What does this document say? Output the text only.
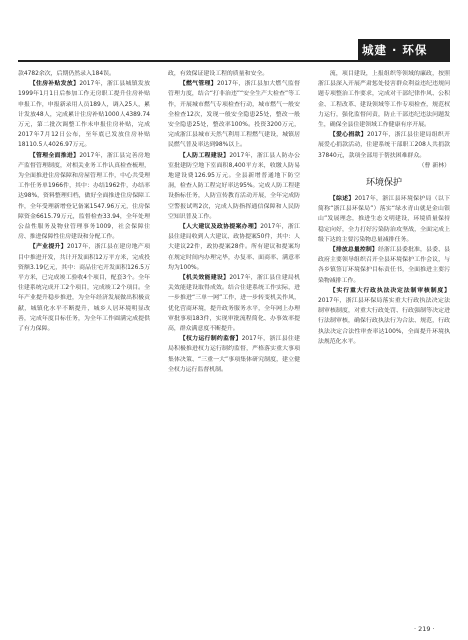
城建 · 环保

款4782余次，后期仍然录入184误。

【住房补贴发放】2017年，浙江县城镇发放1999年1月1日后参加工作无房职工提升住房补贴申报工作，申报新录用人员189人，调入25人，累计发放48人，完成累计住房补贴1000人4389.74万元，第二批次调整工作未申报住房补贴，完成2017年7月12日公布，至年底已发放住房补贴18110.5人4026.97万元。

【管理全面推进】2017年，浙江县完善房地产监督管理制度，对相关业务工作认真检查梳理，为全面推进住房保障和房屋管理工作，中心共受理工作任务单1966件，其中：办结1962件，办结率达98%，资料整理归档，做好全面推进住房保障工作，全年受理新增登记备案1547.96万元，住房保障资金6615.79万元，监督检查33.94，全年处理公益性服务及物业管理事务1009，社会保障住房、推进保障性住房建设和分配工作。

【产业提升】2017年，浙江县在建房地产项目中推进开发，共计开发面积12万平方米，完成投资额3.19亿元，其中：商品住宅开发面积126.5万平方米，已完成竣工验收4个项目，配套3个。全年住建系统完成开工2个项目，完成竣工2个项目。全年产业提升稳步推进，为全年经济发展做出积极贡献，城镇化水平不断提升，城乡人居环境明显改善，完成年度目标任务，为全年工作圆满完成提供了有力保障。

政，有效保证建设工程的质量和安全。

【燃气管理】2017年，浙江县加大燃气监督管理力度，结合“打非治违”“安全生产大检查”等工作，开展城市燃气专项检查行动，城市燃气一般安全检查12次，发现一般安全隐患25处，整改一般安全隐患25处，整改率100%。投资3200万元，完成浙江县城市天然气利用工程燃气建设，城镇居民燃气普及率达到98%以上。

【人防工程建设】2017年，浙江县人防办公室批建防空地下室面积8,400平方米，收缴人防易地建设费126.95万元。全县新增普通地下防空洞，检查人防工程完好率达95%。完成人防工程建设指标任务，人防宣传教育活动开展，全年完成防空警报试鸣2次，完成人防指挥通信保障和人民防空知识普及工作。

【人大建议及政协提案办理】2017年，浙江县住建局收到人大建议、政协提案50件，其中：人大建议22件，政协提案28件。所有建议和提案均在规定时间内办理完毕，办复率、面商率、满意率均为100%。

【机关效能建设】2017年，浙江县住建局机关效能建设取得成效。结合住建系统工作实际，进一步推进“三单一网”工作，进一步转变机关作风，优化营商环境，提升政务服务水平，全年网上办理审批事项183件，实现审批流程简化、办事效率提高，群众满意度不断提升。

【权力运行制约监督】2017年，浙江县住建局积极推进权力运行制约监督，严格落实重大事项集体决策、“三重一大”事项集体研究制度，建立健全权力运行监督机制。

流，项目建设，上报组织等领域的廉政，按照浙江县深入开展严肃惩处侵害群众利益违纪违规问题专项整治工作要求，完成对干部纪律作风、公积金、工程改革、建设领域等工作专项检查，规范权力运行，强化监督问责，防止干部违纪违法问题发生，确保全县住建领域工作健康有序开展。

【爱心捐款】2017年，浙江县住建局组织开展爱心捐款活动，住建系统干部职工208人共捐款37840元，款项全部用于帮扶困难群众。

（曹 新林）

环境保护

【综述】2017年，浙江县环境保护局（以下简称“浙江县环保局”）落实“绿水青山就是金山银山”发展理念，推进生态文明建设，环境质量保持稳定向好，全力打好污染防治攻坚战，全面完成上级下达的主要污染物总量减排任务。

【排放总量控制】经浙江县委批准，县委、县政府主要领导组织召开全县环境保护工作会议，与各乡镇签订环境保护目标责任书，全面推进主要污染物减排工作。

【实行重大行政执法决定法制审核制度】2017年，浙江县环保局落实重大行政执法决定法制审核制度，对重大行政处罚、行政强制等决定进行法制审核，确保行政执法行为合法、规范，行政执法决定合法性审查率达100%，全面提升环境执法规范化水平。

· 219 ·
